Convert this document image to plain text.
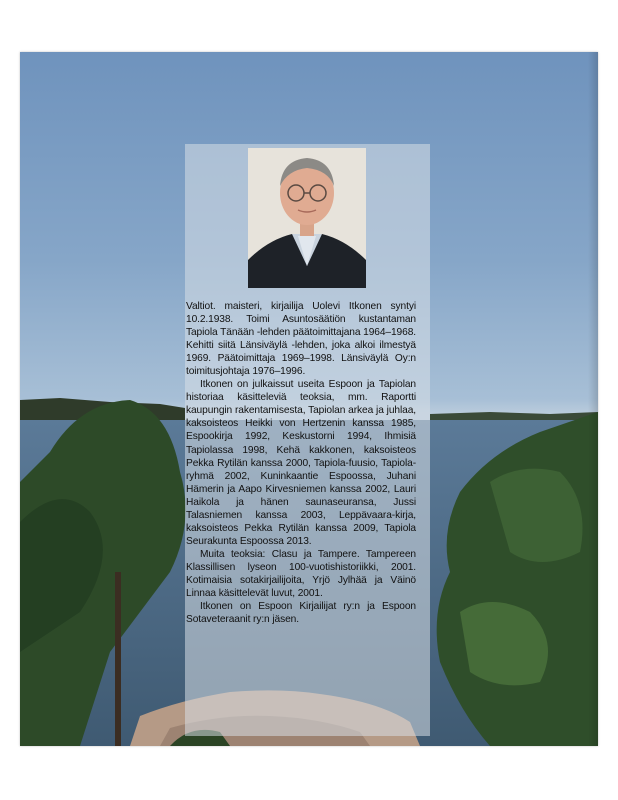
Valtiot. maisteri, kirjailija Uolevi Itkonen syntyi 10.2.1938. Toimi Asuntosäätiön kustantaman Tapiola Tänään -lehden päätoimittajana 1964–1968. Kehitti siitä Länsiväylä -lehden, joka alkoi ilmestyä 1969. Päätoimittaja 1969–1998. Länsiväylä Oy:n toimitusjohtaja 1976–1996.

Itkonen on julkaissut useita Espoon ja Tapiolan historiaa käsitteleviä teoksia, mm. Raportti kaupungin rakentamisesta, Tapiolan arkea ja juhlaa, kaksoisteos Heikki von Hertzenin kanssa 1985, Espookirja 1992, Keskustorni 1994, Ihmisiä Tapiolassa 1998, Kehä kakkonen, kaksoisteos Pekka Rytilän kanssa 2000, Tapiola-fuusio, Tapiola-ryhmä 2002, Kuninkaantie Espoossa, Juhani Hämerin ja Aapo Kirvesniemen kanssa 2002, Lauri Haikola ja hänen saunaseuransa, Jussi Talasniemen kanssa 2003, Leppävaara-kirja, kaksoisteos Pekka Rytilän kanssa 2009, Tapiola Seurakunta Espoossa 2013.

Muita teoksia: Clasu ja Tampere. Tampereen Klassillisen lyseon 100-vuotishistoriikki, 2001. Kotimaisia sotakirjailijoita, Yrjö Jylhää ja Väinö Linnaa käsittelevät luvut, 2001.

Itkonen on Espoon Kirjailijat ry:n ja Espoon Sotaveteraanit ry:n jäsen.
